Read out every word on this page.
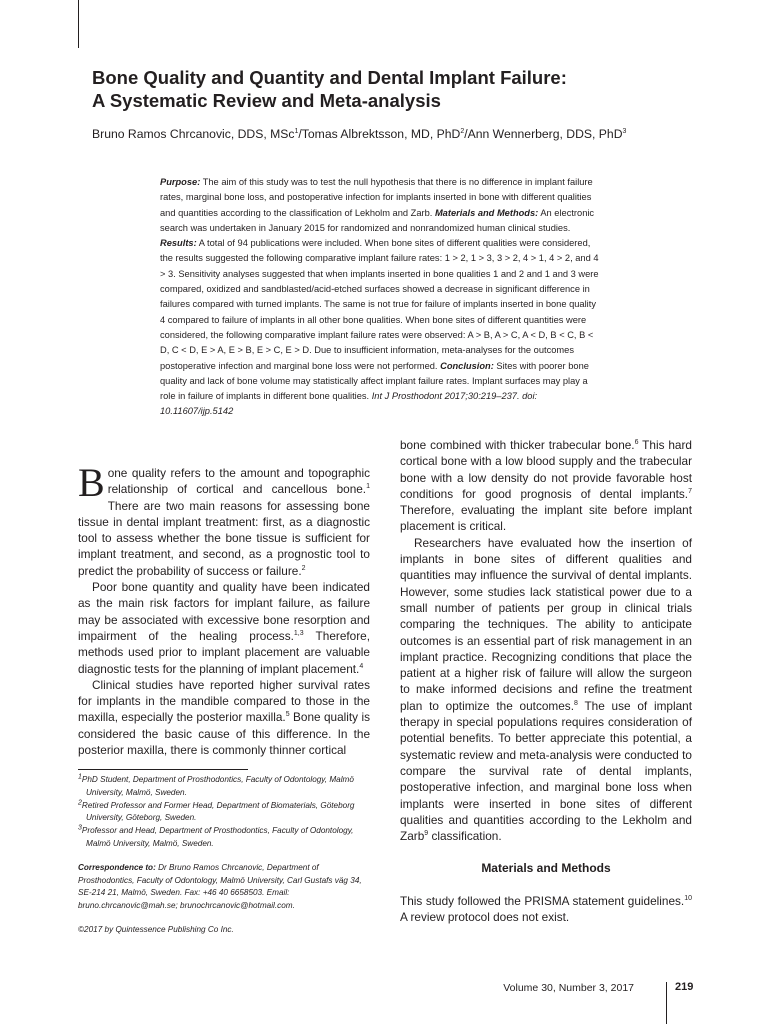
Bone Quality and Quantity and Dental Implant Failure:
A Systematic Review and Meta-analysis

Bruno Ramos Chrcanovic, DDS, MSc$^1$/Tomas Albrektsson, MD, PhD$^2$/Ann Wennerberg, DDS, PhD$^3$

Purpose: The aim of this study was to test the null hypothesis that there is no difference in implant failure rates, marginal bone loss, and postoperative infection for implants inserted in bone with different qualities and quantities according to the classification of Lekholm and Zarb. Materials and Methods: An electronic search was undertaken in January 2015 for randomized and nonrandomized human clinical studies. Results: A total of 94 publications were included. When bone sites of different qualities were considered, the results suggested the following comparative implant failure rates: 1 > 2, 1 > 3, 3 > 2, 4 > 1, 4 > 2, and 4 > 3. Sensitivity analyses suggested that when implants inserted in bone qualities 1 and 2 and 1 and 3 were compared, oxidized and sandblasted/acid-etched surfaces showed a decrease in significant difference in failures compared with turned implants. The same is not true for failure of implants inserted in bone quality 4 compared to failure of implants in all other bone qualities. When bone sites of different quantities were considered, the following comparative implant failure rates were observed: A > B, A > C, A < D, B < C, B < D, C < D, E > A, E > B, E > C, E > D. Due to insufficient information, meta-analyses for the outcomes postoperative infection and marginal bone loss were not performed. Conclusion: Sites with poorer bone quality and lack of bone volume may statistically affect implant failure rates. Implant surfaces may play a role in failure of implants in different bone qualities. Int J Prosthodont 2017;30:219–237. doi: 10.11607/ijp.5142

Bone quality refers to the amount and topographic relationship of cortical and cancellous bone.$^1$ There are two main reasons for assessing bone tissue in dental implant treatment: first, as a diagnostic tool to assess whether the bone tissue is sufficient for implant treatment, and second, as a prognostic tool to predict the probability of success or failure.$^2$

Poor bone quantity and quality have been indicated as the main risk factors for implant failure, as failure may be associated with excessive bone resorption and impairment of the healing process.$^{1,3}$ Therefore, methods used prior to implant placement are valuable diagnostic tests for the planning of implant placement.$^4$

Clinical studies have reported higher survival rates for implants in the mandible compared to those in the maxilla, especially the posterior maxilla.$^5$ Bone quality is considered the basic cause of this difference. In the posterior maxilla, there is commonly thinner cortical

bone combined with thicker trabecular bone.$^6$ This hard cortical bone with a low blood supply and the trabecular bone with a low density do not provide favorable host conditions for good prognosis of dental implants.$^7$ Therefore, evaluating the implant site before implant placement is critical.

Researchers have evaluated how the insertion of implants in bone sites of different qualities and quantities may influence the survival of dental implants. However, some studies lack statistical power due to a small number of patients per group in clinical trials comparing the techniques. The ability to anticipate outcomes is an essential part of risk management in an implant practice. Recognizing conditions that place the patient at a higher risk of failure will allow the surgeon to make informed decisions and refine the treatment plan to optimize the outcomes.$^8$ The use of implant therapy in special populations requires consideration of potential benefits. To better appreciate this potential, a systematic review and meta-analysis were conducted to compare the survival rate of dental implants, postoperative infection, and marginal bone loss when implants were inserted in bone sites of different qualities and quantities according to the Lekholm and Zarb$^9$ classification.

Materials and Methods

This study followed the PRISMA statement guidelines.$^{10}$ A review protocol does not exist.

$^1$PhD Student, Department of Prosthodontics, Faculty of Odontology, Malmö University, Malmö, Sweden.

$^2$Retired Professor and Former Head, Department of Biomaterials, Göteborg University, Göteborg, Sweden.

$^3$Professor and Head, Department of Prosthodontics, Faculty of Odontology, Malmö University, Malmö, Sweden.

Correspondence to: Dr Bruno Ramos Chrcanovic, Department of Prosthodontics, Faculty of Odontology, Malmö University, Carl Gustafs väg 34, SE-214 21, Malmö, Sweden. Fax: +46 40 6658503. Email: bruno.chrcanovic@mah.se; brunochrcanovic@hotmail.com.

©2017 by Quintessence Publishing Co Inc.

Volume 30, Number 3, 2017	219
